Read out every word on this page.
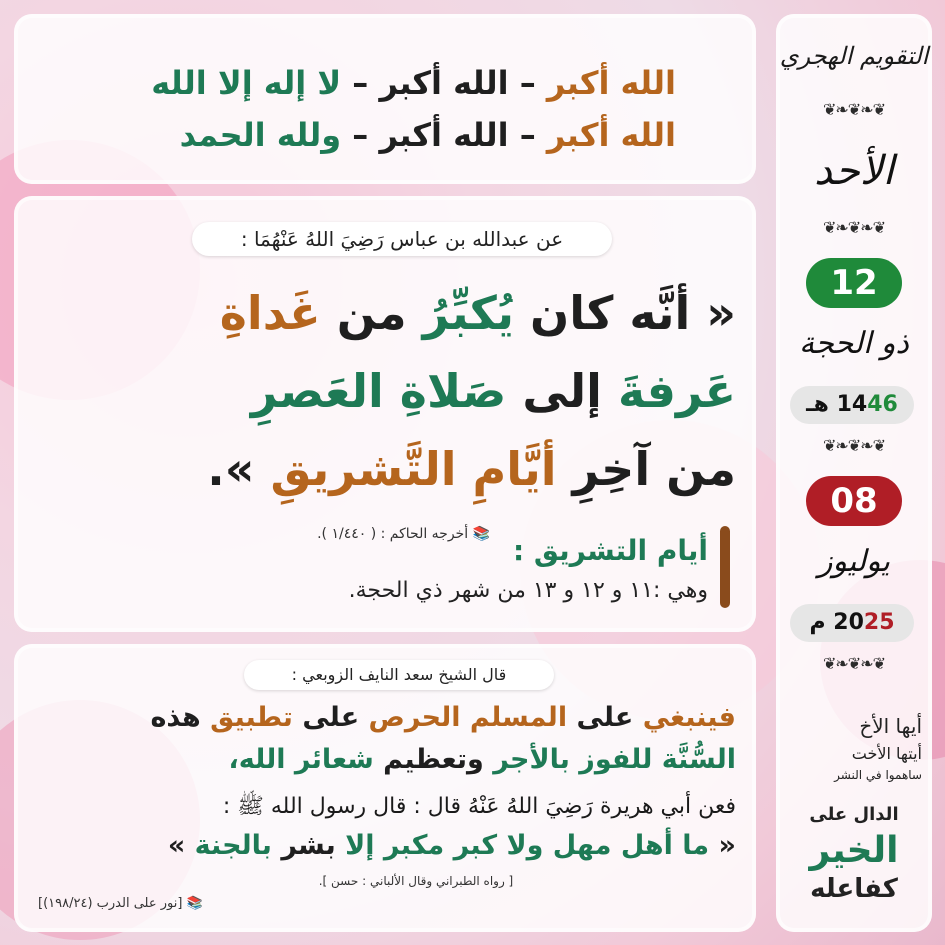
الله أكبر – الله أكبر – لا إله إلا الله
الله أكبر – الله أكبر – ولله الحمد
عن عبدالله بن عباس رَضِيَ اللهُ عَنْهُمَا :
« أنَّه كان يُكبِّرُ من غَداةِ
عَرفةَ إلى صَلاةِ العَصرِ
من آخِرِ أيَّامِ التَّشريقِ ».
📚 أخرجه الحاكم : ( ١/٤٤٠ ).	أيام التشريق :
وهي :١١ و ١٢ و ١٣ من شهر ذي الحجة.
قال الشيخ سعد النايف الزوبعي :
فينبغي على المسلم الحرص على تطبيق هذه
السُّنَّة للفوز بالأجر وتعظيم شعائر الله،
فعن أبي هريرة رَضِيَ اللهُ عَنْهُ قال : قال رسول الله ﷺ :
« ما أهل مهل ولا كبر مكبر إلا بشر بالجنة »
[ رواه الطبراني وقال الألباني : حسن ].
📚 [نور على الدرب (١٩٨/٢٤)]
التقويم الهجري
❦❧❦❧❦
الأحد
❦❧❦❧❦
12
ذو الحجة
1446 هـ
❦❧❦❧❦
08
يوليوز
2025 م
❦❧❦❧❦
أيها الأخ
أيتها الأخت
ساهموا في النشر
الدال على
الخير
كفاعله
